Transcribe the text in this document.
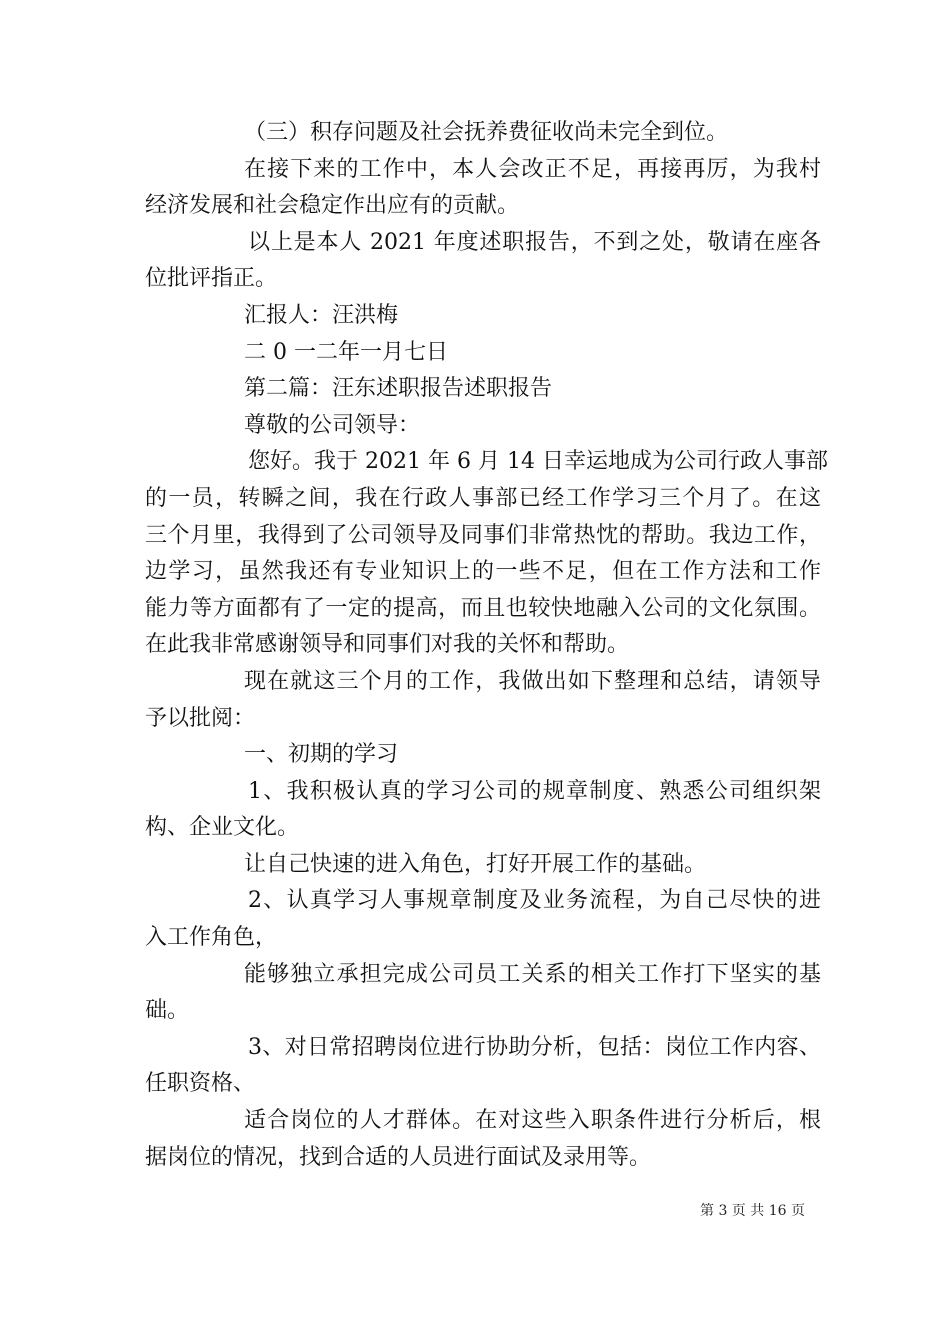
（三）积存问题及社会抚养费征收尚未完全到位。
在接下来的工作中，本人会改正不足，再接再厉，为我村
经济发展和社会稳定作出应有的贡献。
以上是本人 2021 年度述职报告，不到之处，敬请在座各
位批评指正。
汇报人：汪洪梅
二 0 一二年一月七日
第二篇：汪东述职报告述职报告
尊敬的公司领导：
您好。我于 2021 年 6 月 14 日幸运地成为公司行政人事部
的一员，转瞬之间，我在行政人事部已经工作学习三个月了。在这
三个月里，我得到了公司领导及同事们非常热忱的帮助。我边工作，
边学习，虽然我还有专业知识上的一些不足，但在工作方法和工作
能力等方面都有了一定的提高，而且也较快地融入公司的文化氛围。
在此我非常感谢领导和同事们对我的关怀和帮助。
现在就这三个月的工作，我做出如下整理和总结，请领导
予以批阅：
一、初期的学习
1、我积极认真的学习公司的规章制度、熟悉公司组织架
构、企业文化。
让自己快速的进入角色，打好开展工作的基础。
2、认真学习人事规章制度及业务流程，为自己尽快的进
入工作角色，
能够独立承担完成公司员工关系的相关工作打下坚实的基
础。
3、对日常招聘岗位进行协助分析，包括：岗位工作内容、
任职资格、
适合岗位的人才群体。在对这些入职条件进行分析后，根
据岗位的情况，找到合适的人员进行面试及录用等。
第 3 页 共 16 页
